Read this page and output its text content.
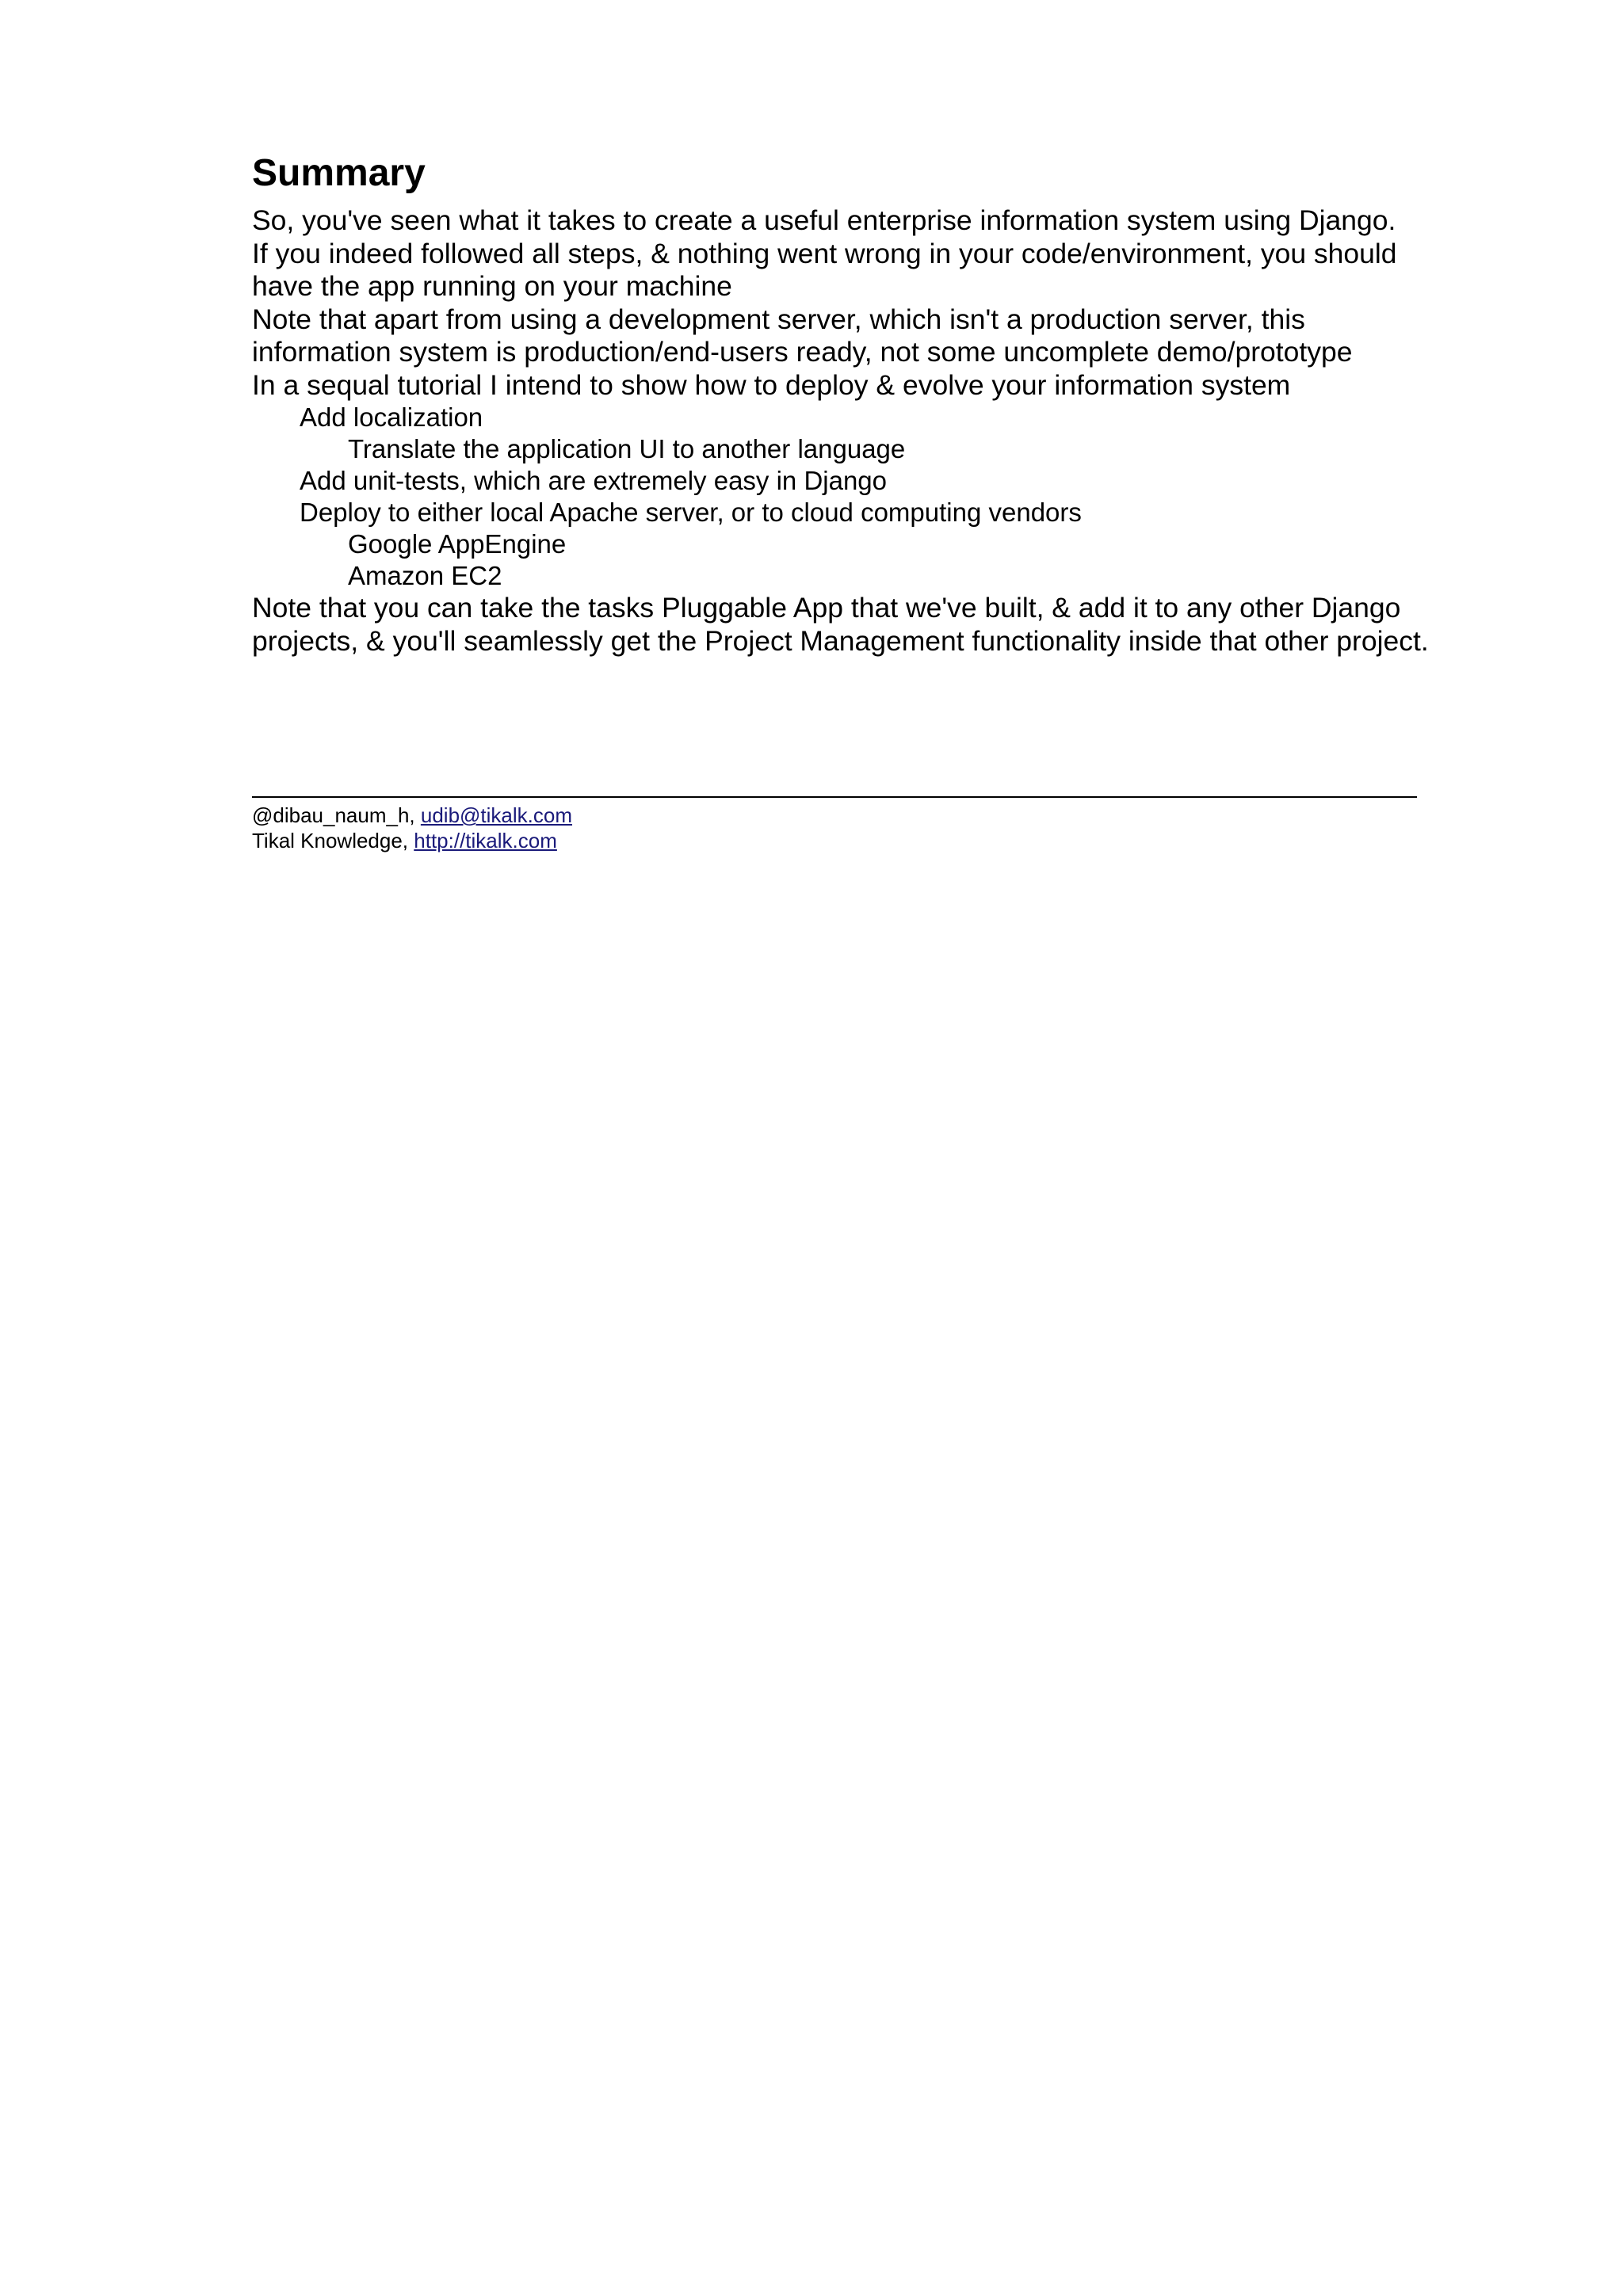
Summary
So, you've seen what it takes to create a useful enterprise information system using Django.
If you indeed followed all steps, & nothing went wrong in your code/environment, you should
have the app running on your machine
Note that apart from using a development server, which isn't a production server, this
information system is production/end-users ready, not some uncomplete demo/prototype
In a sequal tutorial I intend to show how to deploy & evolve your information system
Add localization
Translate the application UI to another language
Add unit-tests, which are extremely easy in Django
Deploy to either local Apache server, or to cloud computing vendors
Google AppEngine
Amazon EC2
Note that you can take the tasks Pluggable App that we've built, & add it to any other Django
projects, & you'll seamlessly get the Project Management functionality inside that other project.
@dibau_naum_h, udib@tikalk.com
Tikal Knowledge, http://tikalk.com
